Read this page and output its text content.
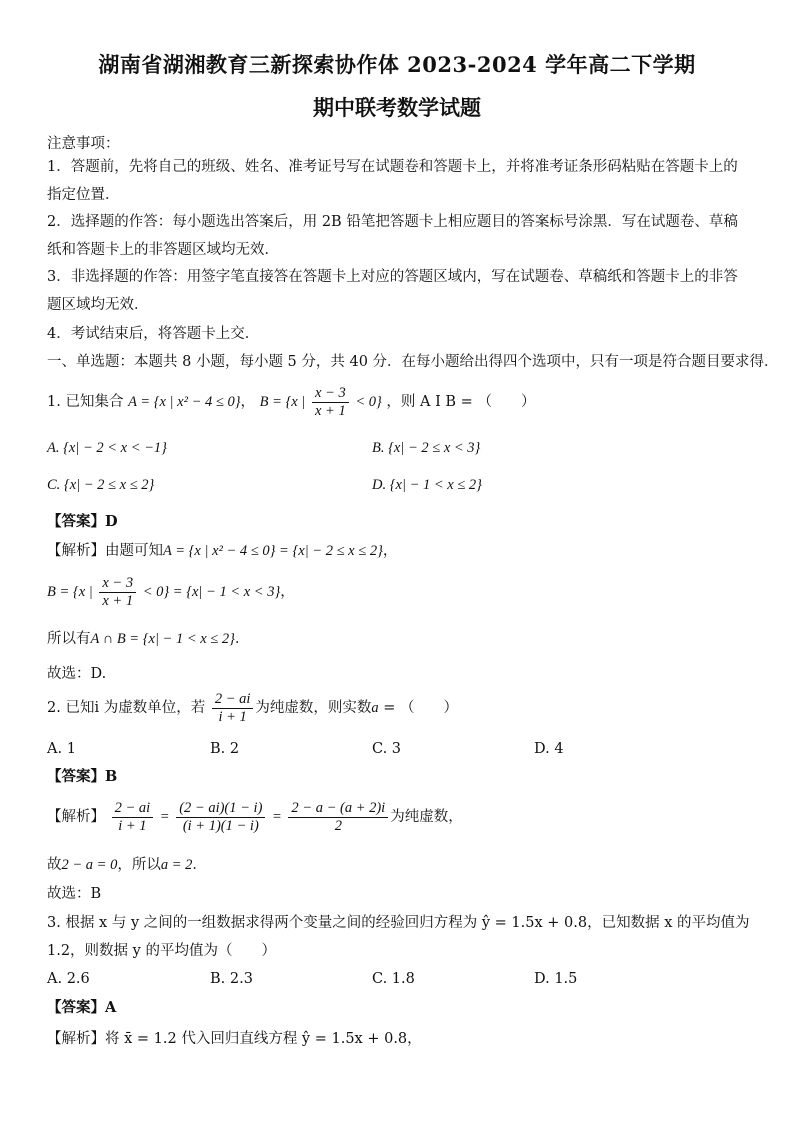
湖南省湖湘教育三新探索协作体 2023-2024 学年高二下学期
期中联考数学试题
注意事项：
1．答题前，先将自己的班级、姓名、准考证号写在试题卷和答题卡上，并将准考证条形码粘贴在答题卡上的指定位置．
2．选择题的作答：每小题选出答案后，用 2B 铅笔把答题卡上相应题目的答案标号涂黑．写在试题卷、草稿纸和答题卡上的非答题区域均无效．
3．非选择题的作答：用签字笔直接答在答题卡上对应的答题区域内，写在试题卷、草稿纸和答题卡上的非答题区域均无效．
4．考试结束后，将答题卡上交．
一、单选题：本题共 8 小题，每小题 5 分，共 40 分．在每小题给出得四个选项中，只有一项是符合题目要求得．
1. 已知集合 A = {x | x² − 4 ≤ 0}， B = {x | $\frac{x - 3}{x + 1} < 0$} ，则 A I B = （　　）
A. {x| − 2 < x < −1}	B. {x| − 2 ≤ x < 3}
C. {x| − 2 ≤ x ≤ 2}	D. {x| − 1 < x ≤ 2}
【答案】D
【解析】由题可知A = {x | x² − 4 ≤ 0} = {x| − 2 ≤ x ≤ 2}，
B = {x | $\frac{x - 3}{x + 1} < 0\} = \{x| - 1 < x < 3\}$，
所以有A ∩ B = {x| − 1 < x ≤ 2}．
故选：D.
2. 已知i 为虚数单位，若 $\frac{2 - ai}{i + 1}$ 为纯虚数，则实数a = （　　）
A. 1	B. 2	C. 3	D. 4
【答案】B
【解析】 $\frac{2 - ai}{i + 1} = \frac{(2 - ai)(1 - i)}{(i + 1)(1 - i)} = \frac{2 - a - (a + 2)i}{2}$ 为纯虚数，
故2 − a = 0，所以a = 2．
故选：B
3. 根据 x 与 y 之间的一组数据求得两个变量之间的经验回归方程为 ŷ = 1.5x + 0.8，已知数据 x 的平均值为 1.2，则数据 y 的平均值为（　　）
A. 2.6	B. 2.3	C. 1.8	D. 1.5
【答案】A
【解析】将 x̄ = 1.2 代入回归直线方程 ŷ = 1.5x + 0.8，
